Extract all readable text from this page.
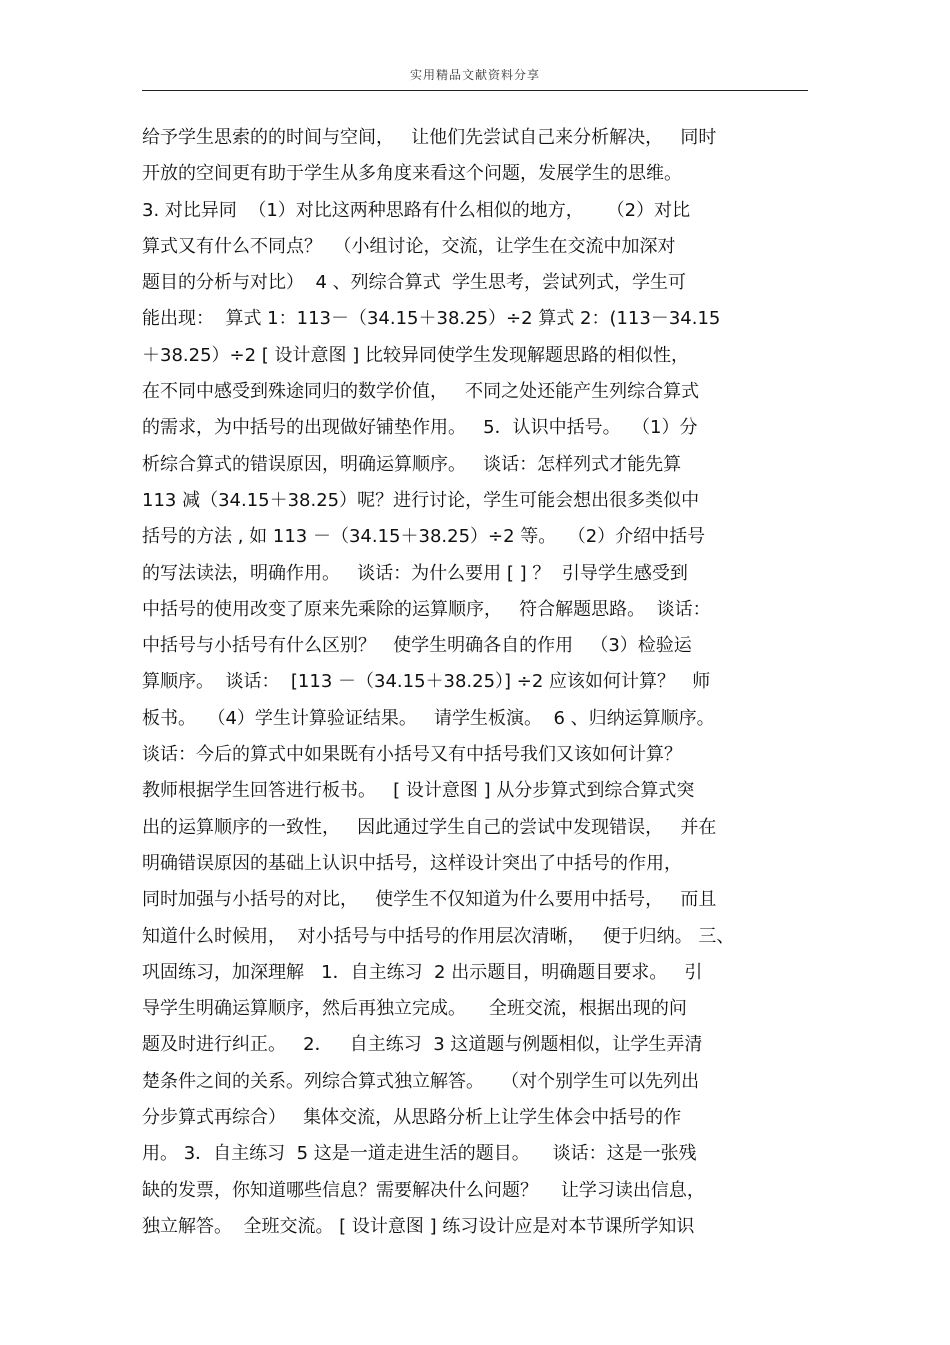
实用精品文献资料分享
给予学生思索的的时间与空间，   让他们先尝试自己来分析解决，   同时
开放的空间更有助于学生从多角度来看这个问题，发展学生的思维。
3. 对比异同  （1）对比这两种思路有什么相似的地方，    （2）对比
算式又有什么不同点？  （小组讨论，交流，让学生在交流中加深对
题目的分析与对比）  4 、列综合算式  学生思考，尝试列式，学生可
能出现：  算式 1：113－（34.15＋38.25）÷2 算式 2：(113－34.15
＋38.25）÷2 [ 设计意图 ] 比较异同使学生发现解题思路的相似性，
在不同中感受到殊途同归的数学价值，   不同之处还能产生列综合算式
的需求，为中括号的出现做好铺垫作用。   5．认识中括号。  （1）分
析综合算式的错误原因，明确运算顺序。   谈话：怎样列式才能先算
113 减（34.15＋38.25）呢？进行讨论，学生可能会想出很多类似中
括号的方法 , 如 113 －（34.15＋38.25）÷2 等。  （2）介绍中括号
的写法读法，明确作用。   谈话：为什么要用 [ ] ？  引导学生感受到
中括号的使用改变了原来先乘除的运算顺序，   符合解题思路。  谈话：
中括号与小括号有什么区别？   使学生明确各自的作用   （3）检验运
算顺序。  谈话：  [113 －（34.15＋38.25）] ÷2 应该如何计算？   师
板书。  （4）学生计算验证结果。   请学生板演。  6 、归纳运算顺序。
谈话：今后的算式中如果既有小括号又有中括号我们又该如何计算？
教师根据学生回答进行板书。   [ 设计意图 ] 从分步算式到综合算式突
出的运算顺序的一致性，   因此通过学生自己的尝试中发现错误，   并在
明确错误原因的基础上认识中括号，这样设计突出了中括号的作用，
同时加强与小括号的对比，   使学生不仅知道为什么要用中括号，   而且
知道什么时候用，  对小括号与中括号的作用层次清晰，   便于归纳。 三、
巩固练习，加深理解   1．自主练习  2 出示题目，明确题目要求。   引
导学生明确运算顺序，然后再独立完成。    全班交流，根据出现的问
题及时进行纠正。   2．   自主练习  3 这道题与例题相似，让学生弄清
楚条件之间的关系。列综合算式独立解答。   （对个别学生可以先列出
分步算式再综合）   集体交流，从思路分析上让学生体会中括号的作
用。 3．自主练习  5 这是一道走进生活的题目。    谈话：这是一张残
缺的发票，你知道哪些信息？需要解决什么问题？    让学习读出信息，
独立解答。  全班交流。 [ 设计意图 ] 练习设计应是对本节课所学知识
